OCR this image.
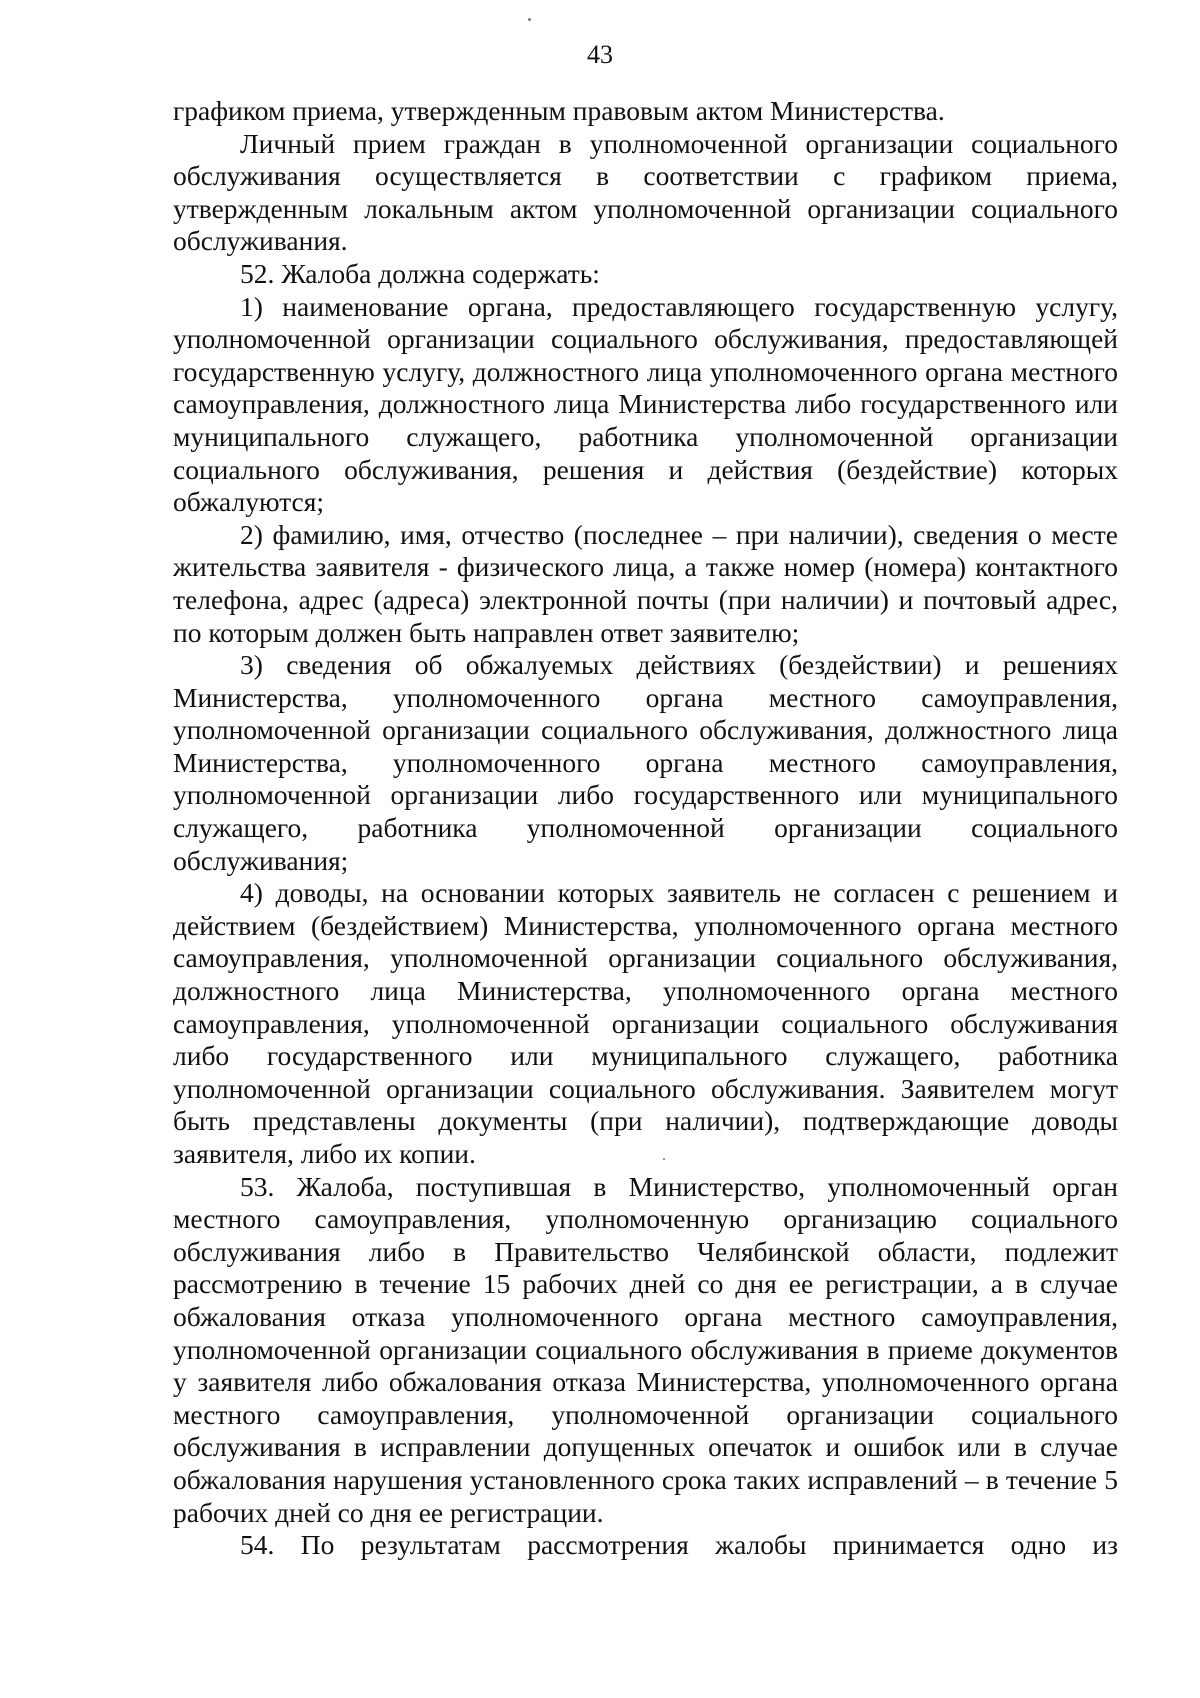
43

графиком приема, утвержденным правовым актом Министерства.

Личный прием граждан в уполномоченной организации социального обслуживания осуществляется в соответствии с графиком приема, утвержденным локальным актом уполномоченной организации социального обслуживания.

52. Жалоба должна содержать:

1) наименование органа, предоставляющего государственную услугу, уполномоченной организации социального обслуживания, предоставляющей государственную услугу, должностного лица уполномоченного органа местного самоуправления, должностного лица Министерства либо государственного или муниципального служащего, работника уполномоченной организации социального обслуживания, решения и действия (бездействие) которых обжалуются;

2) фамилию, имя, отчество (последнее – при наличии), сведения о месте жительства заявителя - физического лица, а также номер (номера) контактного телефона, адрес (адреса) электронной почты (при наличии) и почтовый адрес, по которым должен быть направлен ответ заявителю;

3) сведения об обжалуемых действиях (бездействии) и решениях Министерства, уполномоченного органа местного самоуправления, уполномоченной организации социального обслуживания, должностного лица Министерства, уполномоченного органа местного самоуправления, уполномоченной организации либо государственного или муниципального служащего, работника уполномоченной организации социального обслуживания;

4) доводы, на основании которых заявитель не согласен с решением и действием (бездействием) Министерства, уполномоченного органа местного самоуправления, уполномоченной организации социального обслуживания, должностного лица Министерства, уполномоченного органа местного самоуправления, уполномоченной организации социального обслуживания либо государственного или муниципального служащего, работника уполномоченной организации социального обслуживания. Заявителем могут быть представлены документы (при наличии), подтверждающие доводы заявителя, либо их копии.

53. Жалоба, поступившая в Министерство, уполномоченный орган местного самоуправления, уполномоченную организацию социального обслуживания либо в Правительство Челябинской области, подлежит рассмотрению в течение 15 рабочих дней со дня ее регистрации, а в случае обжалования отказа уполномоченного органа местного самоуправления, уполномоченной организации социального обслуживания в приеме документов у заявителя либо обжалования отказа Министерства, уполномоченного органа местного самоуправления, уполномоченной организации социального обслуживания в исправлении допущенных опечаток и ошибок или в случае обжалования нарушения установленного срока таких исправлений – в течение 5 рабочих дней со дня ее регистрации.

54. По результатам рассмотрения жалобы принимается одно из
